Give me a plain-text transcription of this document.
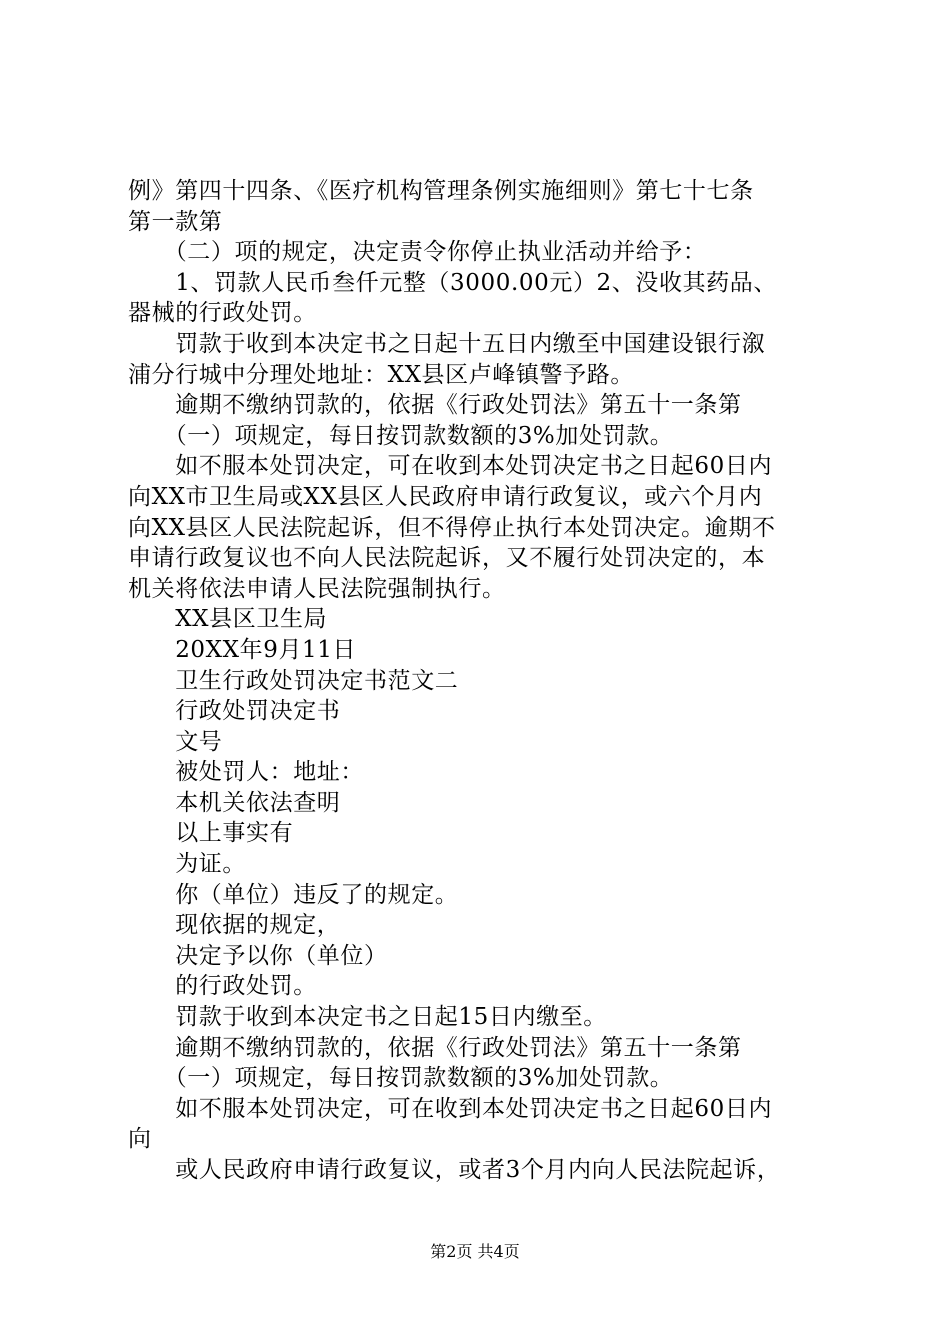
例》第四十四条、《医疗机构管理条例实施细则》第七十七条
第一款第
　　（二）项的规定，决定责令你停止执业活动并给予：
　　1、罚款人民币叁仟元整（3000.00元）2、没收其药品、
器械的行政处罚。
　　罚款于收到本决定书之日起十五日内缴至中国建设银行溆
浦分行城中分理处地址：XX县区卢峰镇警予路。
　　逾期不缴纳罚款的，依据《行政处罚法》第五十一条第
　　（一）项规定，每日按罚款数额的3%加处罚款。
　　如不服本处罚决定，可在收到本处罚决定书之日起60日内
向XX市卫生局或XX县区人民政府申请行政复议，或六个月内
向XX县区人民法院起诉，但不得停止执行本处罚决定。逾期不
申请行政复议也不向人民法院起诉，又不履行处罚决定的，本
机关将依法申请人民法院强制执行。
　　XX县区卫生局
　　20XX年9月11日
　　卫生行政处罚决定书范文二
　　行政处罚决定书
　　文号
　　被处罚人：地址：
　　本机关依法查明
　　以上事实有
　　为证。
　　你（单位）违反了的规定。
　　现依据的规定，
　　决定予以你（单位）
　　的行政处罚。
　　罚款于收到本决定书之日起15日内缴至。
　　逾期不缴纳罚款的，依据《行政处罚法》第五十一条第
　　（一）项规定，每日按罚款数额的3%加处罚款。
　　如不服本处罚决定，可在收到本处罚决定书之日起60日内
向
　　或人民政府申请行政复议，或者3个月内向人民法院起诉，
第2页 共4页
